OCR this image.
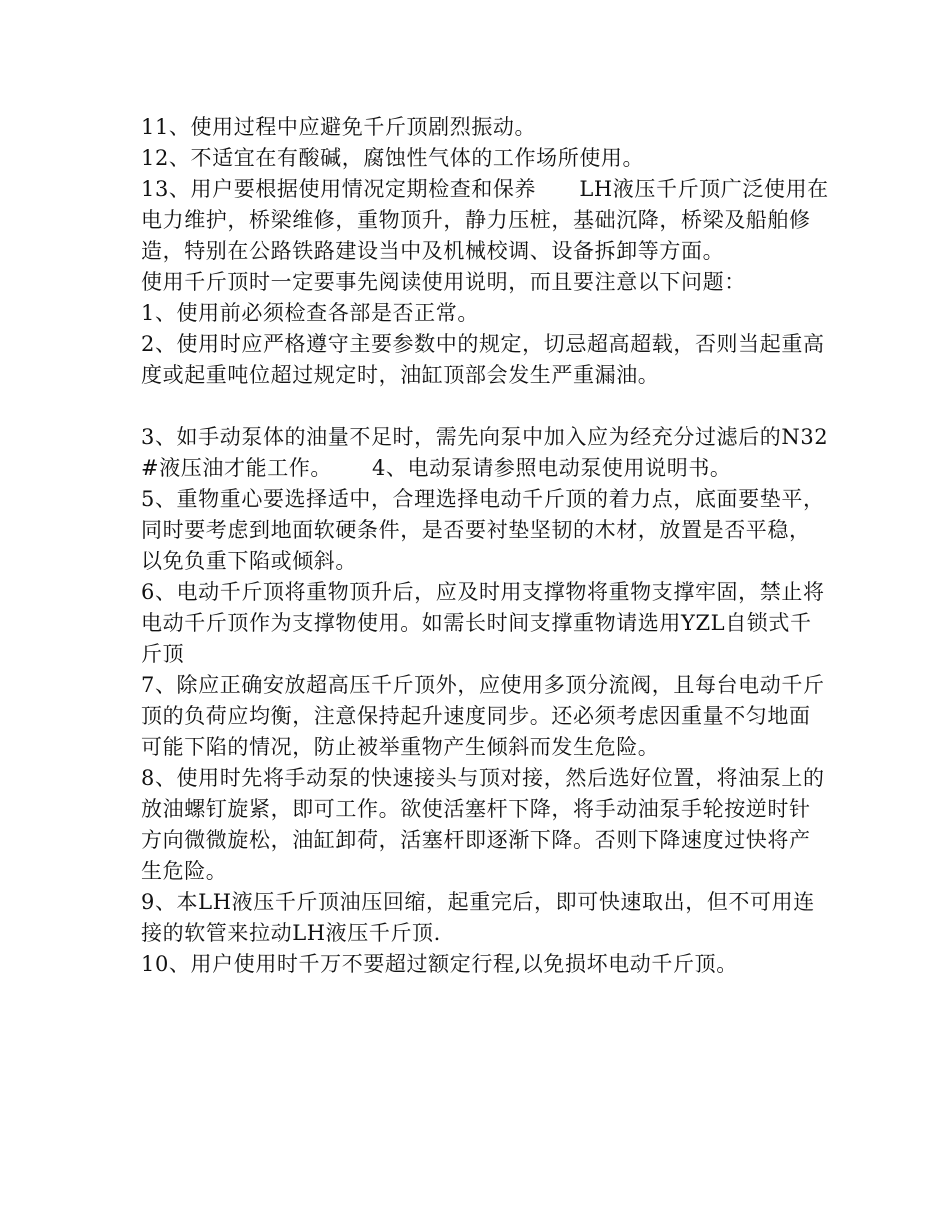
11、使用过程中应避免千斤顶剧烈振动。

12、不适宜在有酸碱，腐蚀性气体的工作场所使用。

13、用户要根据使用情况定期检查和保养　　LH液压千斤顶广泛使用在电力维护，桥梁维修，重物顶升，静力压桩，基础沉降，桥梁及船舶修造，特别在公路铁路建设当中及机械校调、设备拆卸等方面。

使用千斤顶时一定要事先阅读使用说明，而且要注意以下问题：

1、使用前必须检查各部是否正常。

2、使用时应严格遵守主要参数中的规定，切忌超高超载，否则当起重高度或起重吨位超过规定时，油缸顶部会发生严重漏油。

3、如手动泵体的油量不足时，需先向泵中加入应为经充分过滤后的N32#液压油才能工作。　　 4、电动泵请参照电动泵使用说明书。

5、重物重心要选择适中，合理选择电动千斤顶的着力点，底面要垫平，同时要考虑到地面软硬条件，是否要衬垫坚韧的木材，放置是否平稳，以免负重下陷或倾斜。

6、电动千斤顶将重物顶升后，应及时用支撑物将重物支撑牢固，禁止将电动千斤顶作为支撑物使用。如需长时间支撑重物请选用YZL自锁式千斤顶

7、除应正确安放超高压千斤顶外，应使用多顶分流阀，且每台电动千斤顶的负荷应均衡，注意保持起升速度同步。还必须考虑因重量不匀地面可能下陷的情况，防止被举重物产生倾斜而发生危险。

8、使用时先将手动泵的快速接头与顶对接，然后选好位置，将油泵上的放油螺钉旋紧，即可工作。欲使活塞杆下降，将手动油泵手轮按逆时针方向微微旋松，油缸卸荷，活塞杆即逐渐下降。否则下降速度过快将产生危险。

9、本LH液压千斤顶油压回缩，起重完后，即可快速取出，但不可用连接的软管来拉动LH液压千斤顶.

10、用户使用时千万不要超过额定行程,以免损坏电动千斤顶。
